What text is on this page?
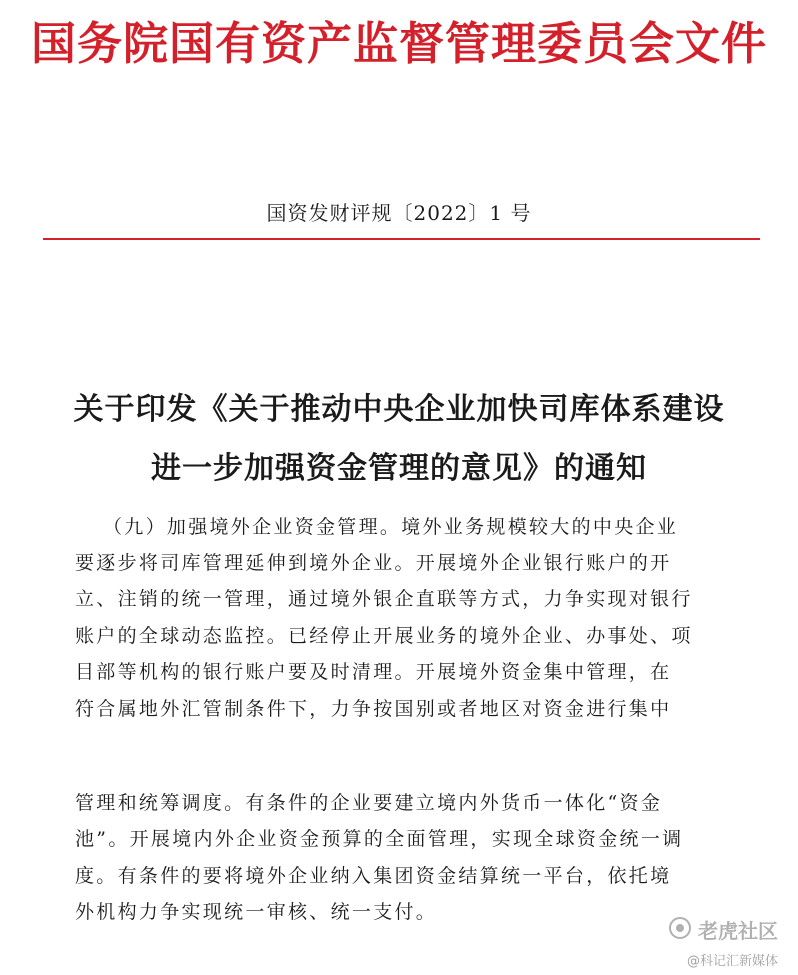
国务院国有资产监督管理委员会文件
国资发财评规〔2022〕1 号
关于印发《关于推动中央企业加快司库体系建设
进一步加强资金管理的意见》的通知
（九）加强境外企业资金管理。境外业务规模较大的中央企业
要逐步将司库管理延伸到境外企业。开展境外企业银行账户的开
立、注销的统一管理，通过境外银企直联等方式，力争实现对银行
账户的全球动态监控。已经停止开展业务的境外企业、办事处、项
目部等机构的银行账户要及时清理。开展境外资金集中管理，在
符合属地外汇管制条件下，力争按国别或者地区对资金进行集中
管理和统筹调度。有条件的企业要建立境内外货币一体化“资金
池”。开展境内外企业资金预算的全面管理，实现全球资金统一调
度。有条件的要将境外企业纳入集团资金结算统一平台，依托境
外机构力争实现统一审核、统一支付。
老虎社区
@科记汇新媒体
